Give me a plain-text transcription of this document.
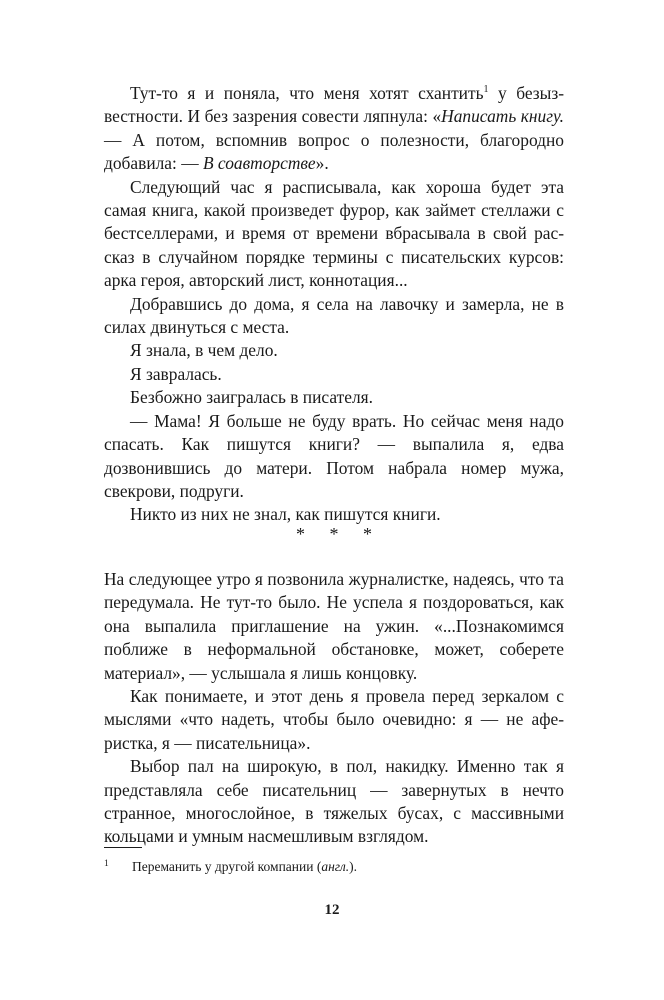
Тут-то я и поняла, что меня хотят схантить$^1$ у безызвестности. И без зазрения совести ляпнула: «Написать книгу. — А потом, вспомнив вопрос о полезности, благородно добавила: — В соавторстве».

Следующий час я расписывала, как хороша будет эта самая книга, какой произведет фурор, как займет стеллажи с бестселлерами, и время от времени вбрасывала в свой рассказ в случайном порядке термины с писательских курсов: арка героя, авторский лист, коннотация...

Добравшись до дома, я села на лавочку и замерла, не в силах двинуться с места.

Я знала, в чем дело.

Я завралась.

Безбожно заигралась в писателя.

— Мама! Я больше не буду врать. Но сейчас меня надо спасать. Как пишутся книги? — выпалила я, едва дозвонившись до матери. Потом набрала номер мужа, свекрови, подруги.

Никто из них не знал, как пишутся книги.

* * *

На следующее утро я позвонила журналистке, надеясь, что та передумала. Не тут-то было. Не успела я поздороваться, как она выпалила приглашение на ужин. «...Познакомимся поближе в неформальной обстановке, может, соберете материал», — услышала я лишь концовку.

Как понимаете, и этот день я провела перед зеркалом с мыслями «что надеть, чтобы было очевидно: я — не аферистка, я — писательница».

Выбор пал на широкую, в пол, накидку. Именно так я представляла себе писательниц — завернутых в нечто странное, многослойное, в тяжелых бусах, с массивными кольцами и умным насмешливым взглядом.

1 Переманить у другой компании (англ.).
12
